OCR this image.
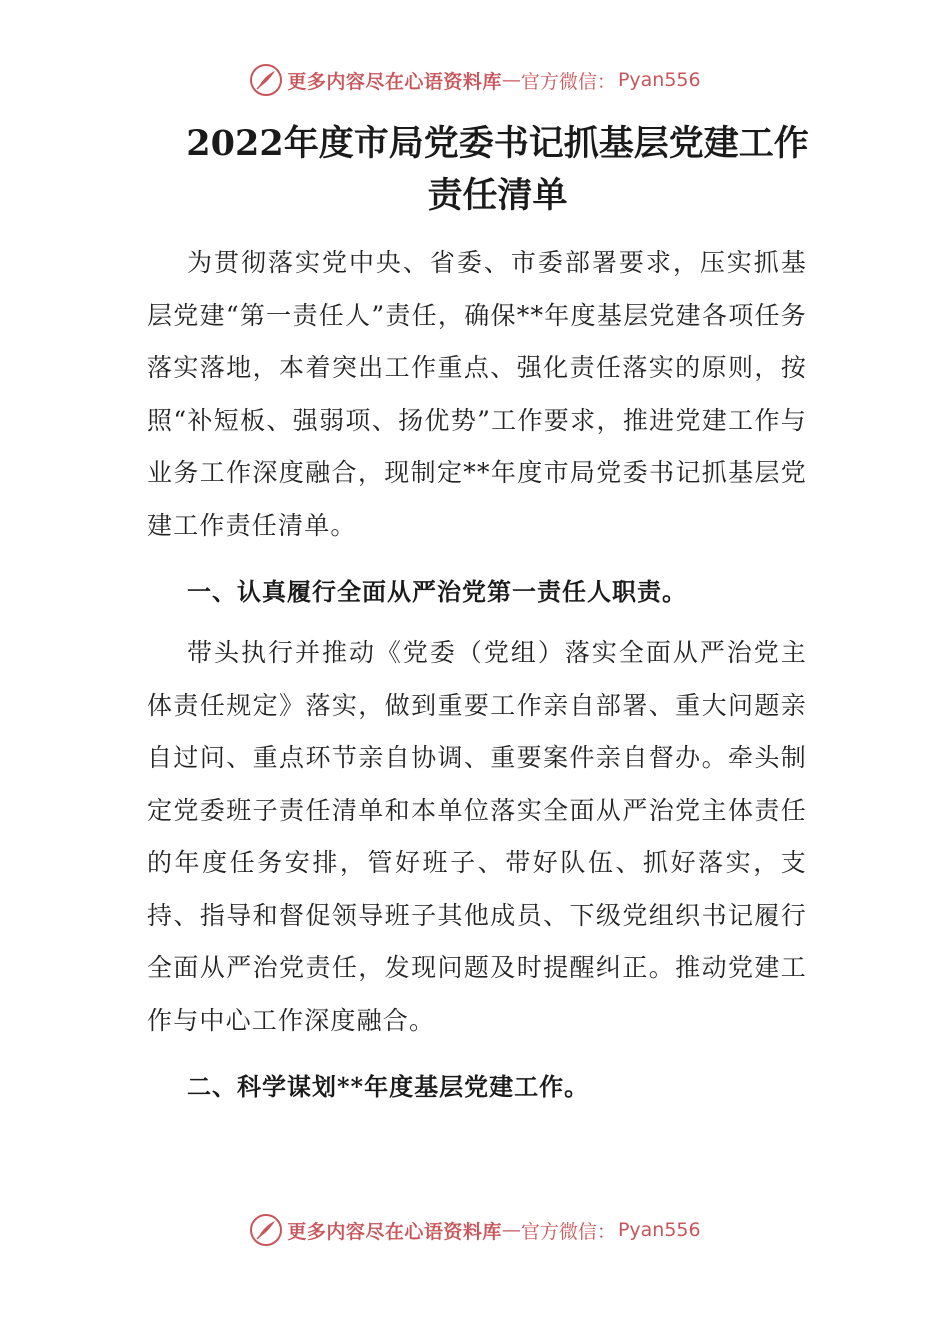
更多内容尽在心语资料库 — 官方微信： Pyan556
2022年度市局党委书记抓基层党建工作
责任清单

为贯彻落实党中央、省委、市委部署要求，压实抓基层党建“第一责任人”责任，确保**年度基层党建各项任务落实落地，本着突出工作重点、强化责任落实的原则，按照“补短板、强弱项、扬优势”工作要求，推进党建工作与业务工作深度融合，现制定**年度市局党委书记抓基层党建工作责任清单。

一、认真履行全面从严治党第一责任人职责。

带头执行并推动《党委（党组）落实全面从严治党主体责任规定》落实，做到重要工作亲自部署、重大问题亲自过问、重点环节亲自协调、重要案件亲自督办。牵头制定党委班子责任清单和本单位落实全面从严治党主体责任的年度任务安排，管好班子、带好队伍、抓好落实，支持、指导和督促领导班子其他成员、下级党组织书记履行全面从严治党责任，发现问题及时提醒纠正。推动党建工作与中心工作深度融合。

二、科学谋划**年度基层党建工作。
更多内容尽在心语资料库 — 官方微信： Pyan556
